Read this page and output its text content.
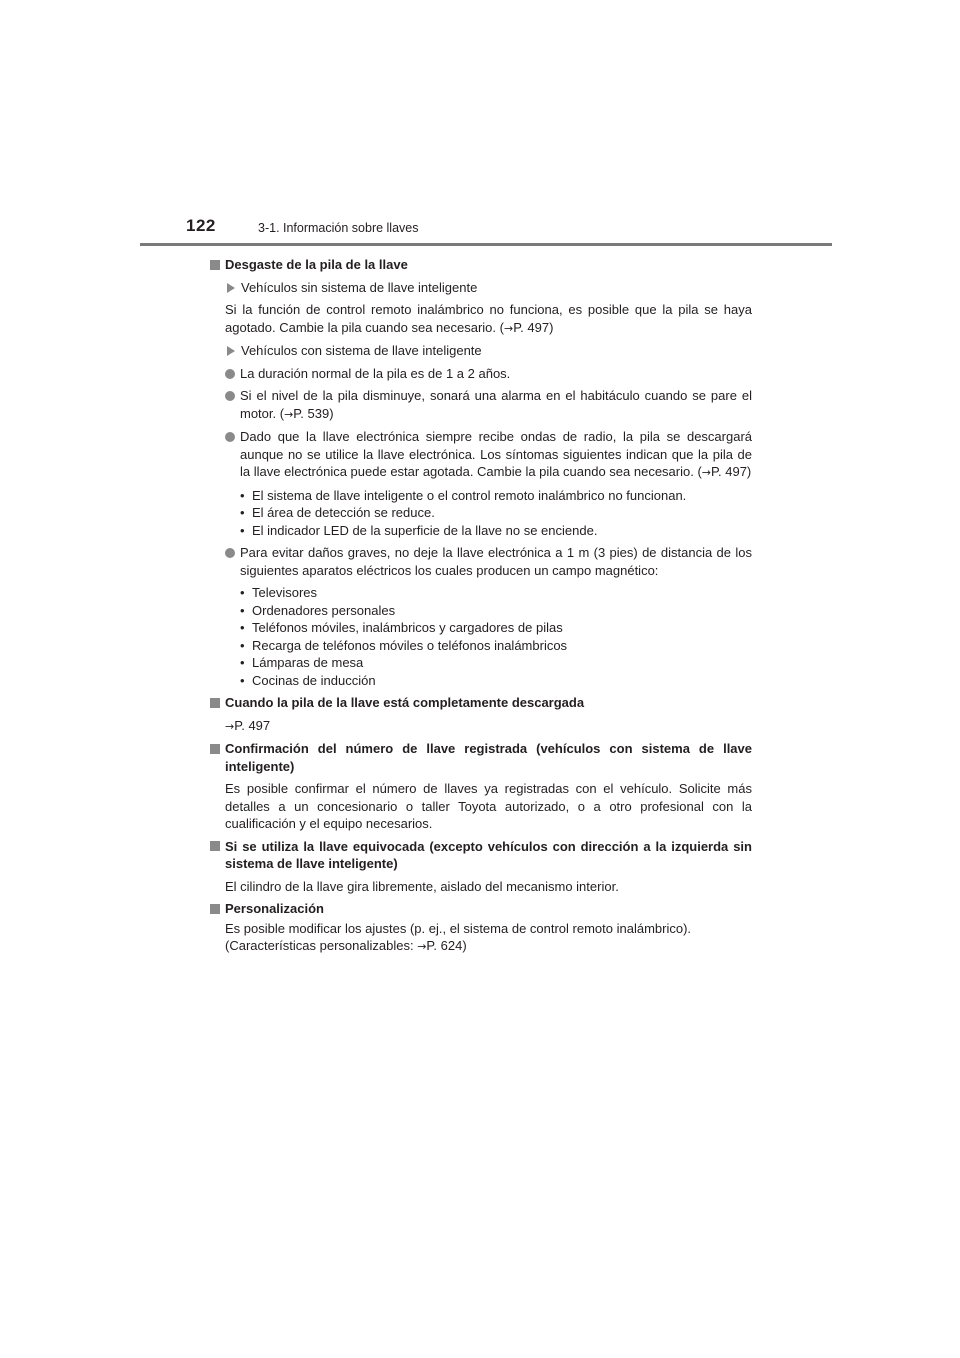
122	3-1. Información sobre llaves
Desgaste de la pila de la llave
Vehículos sin sistema de llave inteligente
Si la función de control remoto inalámbrico no funciona, es posible que la pila se haya agotado. Cambie la pila cuando sea necesario. (→P. 497)
Vehículos con sistema de llave inteligente
La duración normal de la pila es de 1 a 2 años.
Si el nivel de la pila disminuye, sonará una alarma en el habitáculo cuando se pare el motor. (→P. 539)
Dado que la llave electrónica siempre recibe ondas de radio, la pila se descargará aunque no se utilice la llave electrónica. Los síntomas siguientes indican que la pila de la llave electrónica puede estar agotada. Cambie la pila cuando sea necesario. (→P. 497)
• El sistema de llave inteligente o el control remoto inalámbrico no funcionan.
• El área de detección se reduce.
• El indicador LED de la superficie de la llave no se enciende.
Para evitar daños graves, no deje la llave electrónica a 1 m (3 pies) de distancia de los siguientes aparatos eléctricos los cuales producen un campo magnético:
• Televisores
• Ordenadores personales
• Teléfonos móviles, inalámbricos y cargadores de pilas
• Recarga de teléfonos móviles o teléfonos inalámbricos
• Lámparas de mesa
• Cocinas de inducción
Cuando la pila de la llave está completamente descargada
→P. 497
Confirmación del número de llave registrada (vehículos con sistema de llave inteligente)
Es posible confirmar el número de llaves ya registradas con el vehículo. Solicite más detalles a un concesionario o taller Toyota autorizado, o a otro profesional con la cualificación y el equipo necesarios.
Si se utiliza la llave equivocada (excepto vehículos con dirección a la izquierda sin sistema de llave inteligente)
El cilindro de la llave gira libremente, aislado del mecanismo interior.
Personalización
Es posible modificar los ajustes (p. ej., el sistema de control remoto inalámbrico).
(Características personalizables: →P. 624)
